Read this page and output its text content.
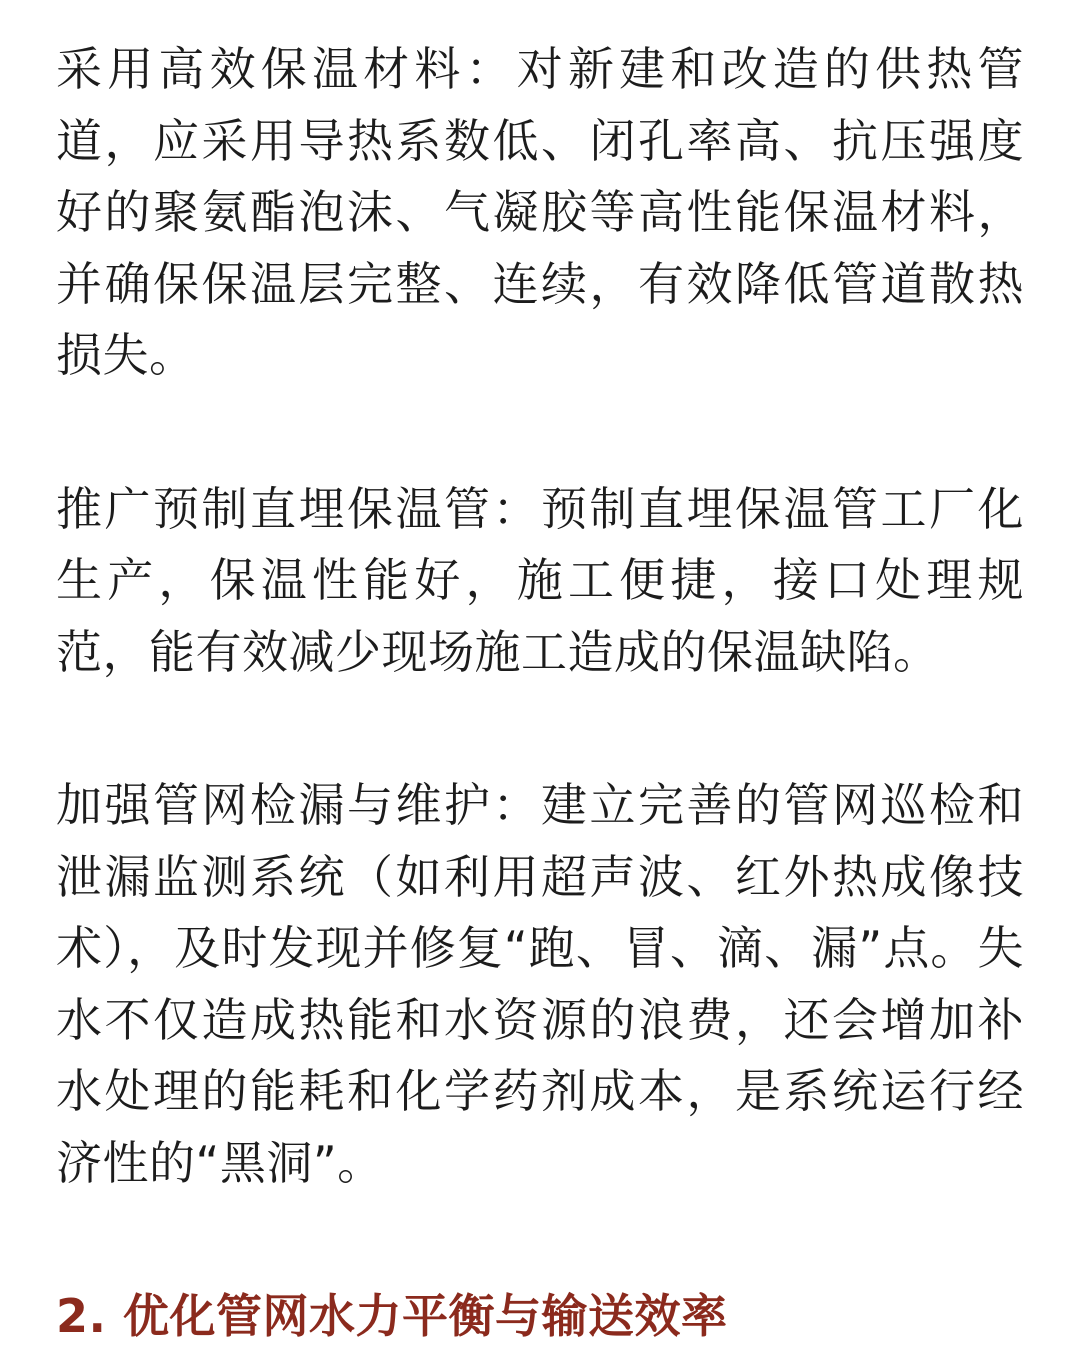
采用高效保温材料：对新建和改造的供热管道，应采用导热系数低、闭孔率高、抗压强度好的聚氨酯泡沫、气凝胶等高性能保温材料，并确保保温层完整、连续，有效降低管道散热损失。

推广预制直埋保温管：预制直埋保温管工厂化生产，保温性能好，施工便捷，接口处理规范，能有效减少现场施工造成的保温缺陷。

加强管网检漏与维护：建立完善的管网巡检和泄漏监测系统（如利用超声波、红外热成像技术），及时发现并修复“跑、冒、滴、漏”点。失水不仅造成热能和水资源的浪费，还会增加补水处理的能耗和化学药剂成本，是系统运行经济性的“黑洞”。

2. 优化管网水力平衡与输送效率
